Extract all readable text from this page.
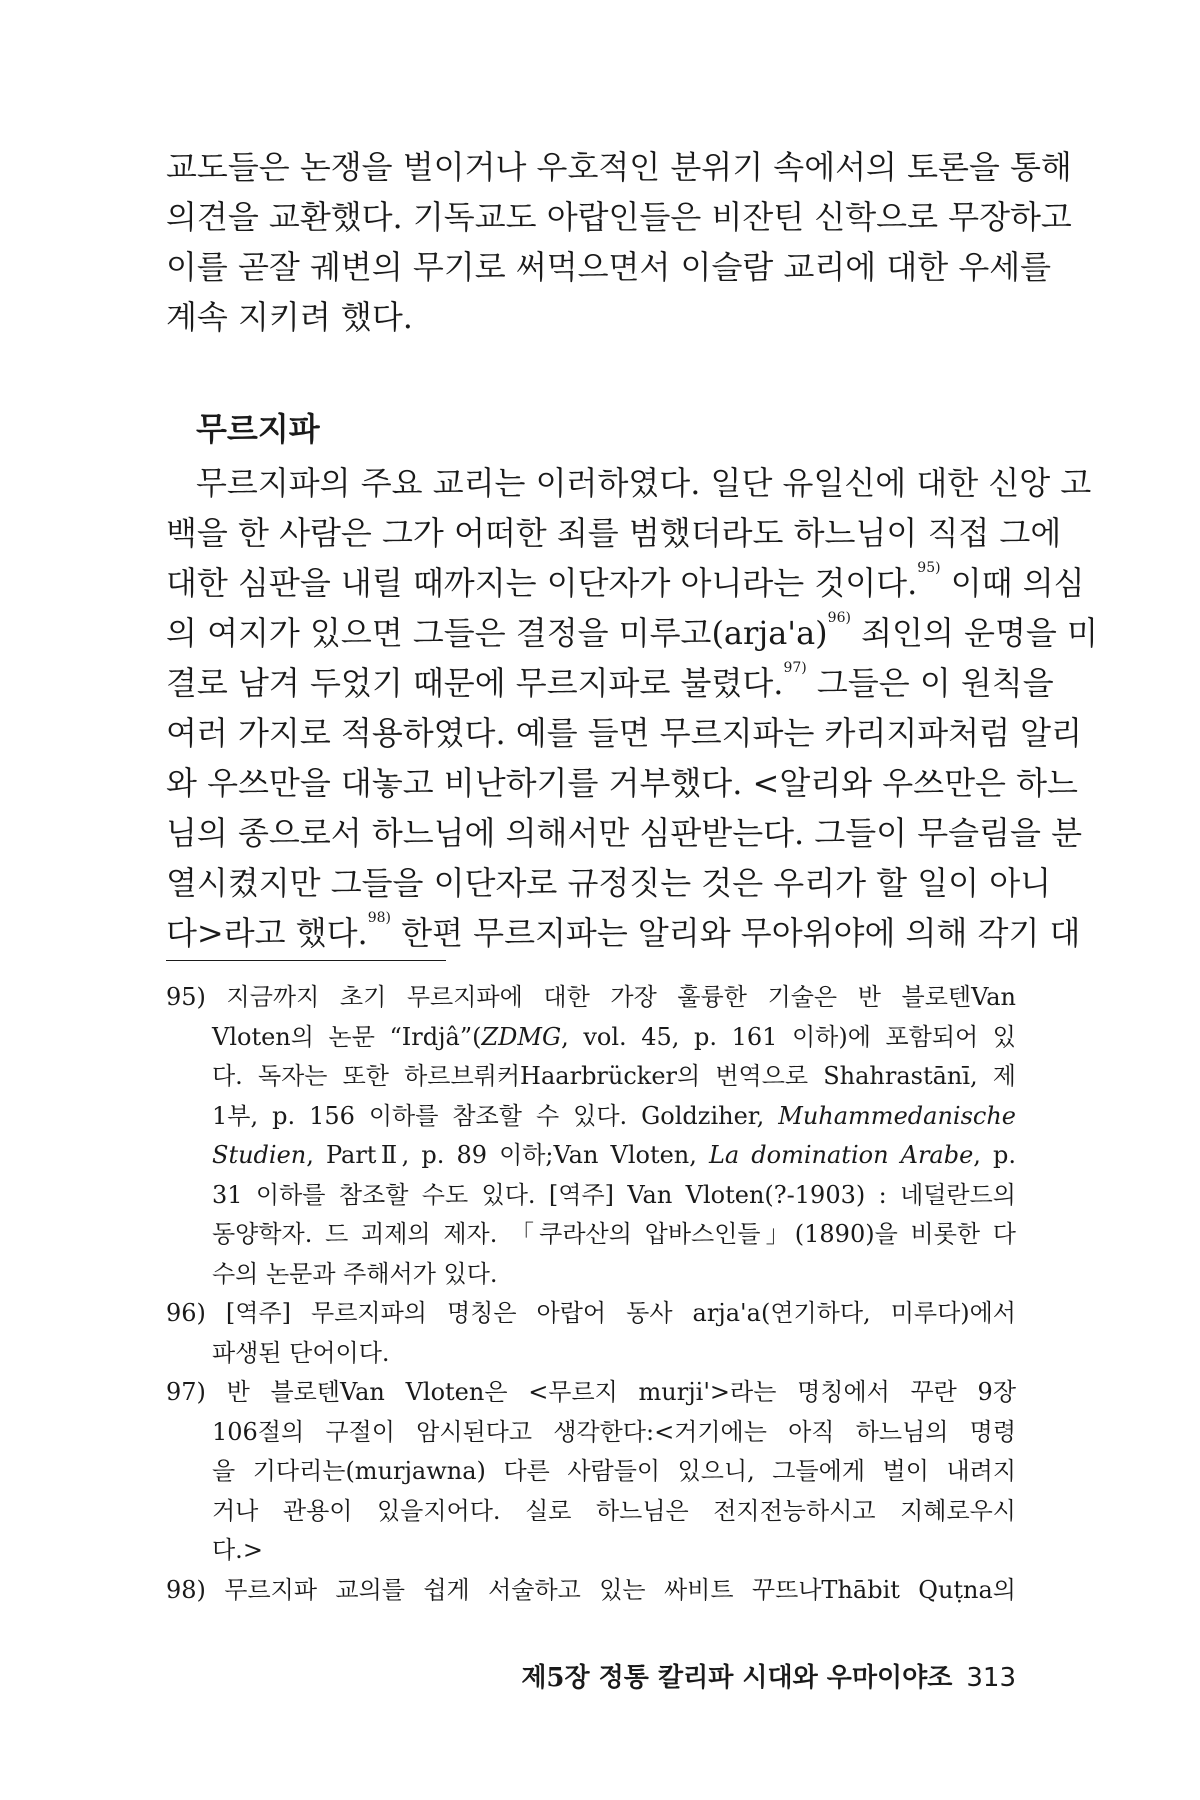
교도들은 논쟁을 벌이거나 우호적인 분위기 속에서의 토론을 통해
의견을 교환했다. 기독교도 아랍인들은 비잔틴 신학으로 무장하고
이를 곧잘 궤변의 무기로 써먹으면서 이슬람 교리에 대한 우세를
계속 지키려 했다.
무르지파
무르지파의 주요 교리는 이러하였다. 일단 유일신에 대한 신앙 고
백을 한 사람은 그가 어떠한 죄를 범했더라도 하느님이 직접 그에
대한 심판을 내릴 때까지는 이단자가 아니라는 것이다.$^{95)}$ 이때 의심
의 여지가 있으면 그들은 결정을 미루고(arja'a)$^{96)}$ 죄인의 운명을 미
결로 남겨 두었기 때문에 무르지파로 불렸다.$^{97)}$ 그들은 이 원칙을
여러 가지로 적용하였다. 예를 들면 무르지파는 카리지파처럼 알리
와 우쓰만을 대놓고 비난하기를 거부했다. <알리와 우쓰만은 하느
님의 종으로서 하느님에 의해서만 심판받는다. 그들이 무슬림을 분
열시켰지만 그들을 이단자로 규정짓는 것은 우리가 할 일이 아니
다>라고 했다.$^{98)}$ 한편 무르지파는 알리와 무아위야에 의해 각기 대
95) 지금까지 초기 무르지파에 대한 가장 훌륭한 기술은 반 블로텐Van
Vloten의 논문 “Irdjâ”(ZDMG, vol. 45, p. 161 이하)에 포함되어 있
다. 독자는 또한 하르브뤼커Haarbrücker의 번역으로 Shahrastānī, 제
1부, p. 156 이하를 참조할 수 있다. Goldziher, Muhammedanische
Studien, PartⅡ, p. 89 이하;Van Vloten, La domination Arabe, p.
31 이하를 참조할 수도 있다. [역주] Van Vloten(?-1903) : 네덜란드의
동양학자. 드 괴제의 제자. 「쿠라산의 압바스인들」(1890)을 비롯한 다
수의 논문과 주해서가 있다.
96) [역주] 무르지파의 명칭은 아랍어 동사 arja'a(연기하다, 미루다)에서
파생된 단어이다.
97) 반 블로텐Van Vloten은 <무르지 murji'>라는 명칭에서 꾸란 9장
106절의 구절이 암시된다고 생각한다:<거기에는 아직 하느님의 명령
을 기다리는(murjawna) 다른 사람들이 있으니, 그들에게 벌이 내려지
거나 관용이 있을지어다. 실로 하느님은 전지전능하시고 지혜로우시
다.>
98) 무르지파 교의를 쉽게 서술하고 있는 싸비트 꾸뜨나Thābit Quṭna의
제5장 정통 칼리파 시대와 우마이야조 313
